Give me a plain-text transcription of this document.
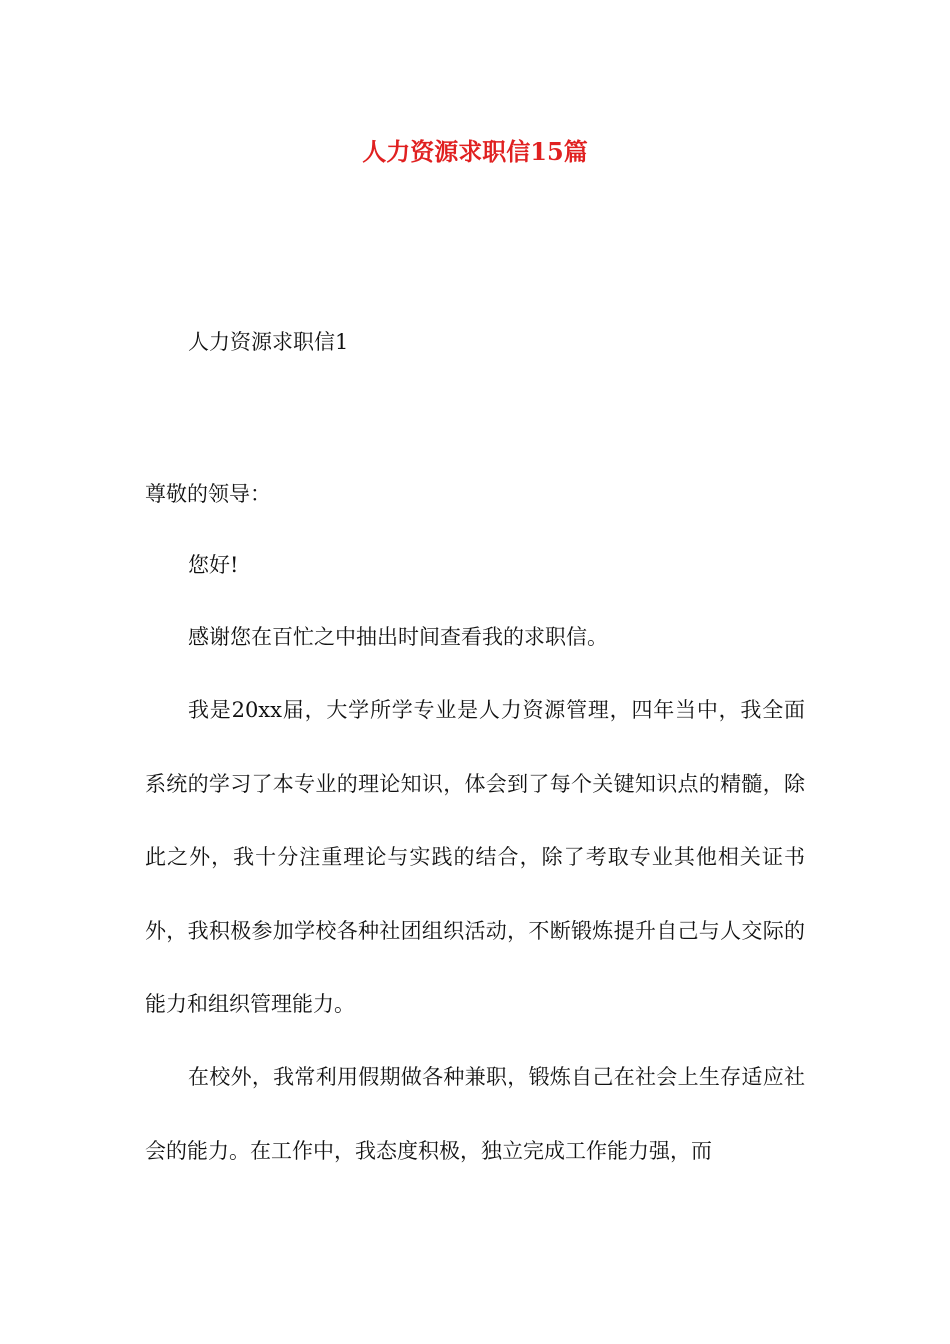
人力资源求职信15篇
人力资源求职信1
尊敬的领导：
您好!
感谢您在百忙之中抽出时间查看我的求职信。
我是20xx届，大学所学专业是人力资源管理，四年当中，我全面系统的学习了本专业的理论知识，体会到了每个关键知识点的精髓，除此之外，我十分注重理论与实践的结合，除了考取专业其他相关证书外，我积极参加学校各种社团组织活动，不断锻炼提升自己与人交际的能力和组织管理能力。
在校外，我常利用假期做各种兼职，锻炼自己在社会上生存适应社会的能力。在工作中，我态度积极，独立完成工作能力强，而
